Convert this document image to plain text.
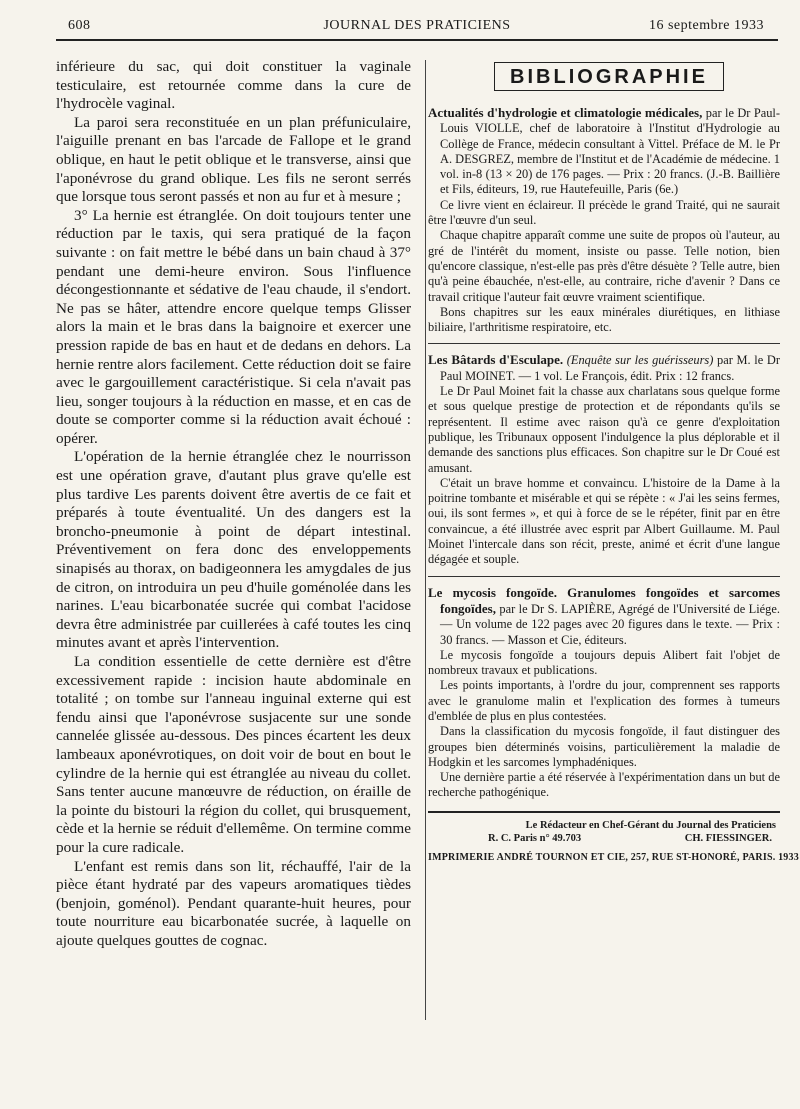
608	JOURNAL DES PRATICIENS	16 septembre 1933

inférieure du sac, qui doit constituer la vaginale testiculaire, est retournée comme dans la cure de l'hydrocèle vaginal.

La paroi sera reconstituée en un plan préfuniculaire, l'aiguille prenant en bas l'arcade de Fallope et le grand oblique, en haut le petit oblique et le transverse, ainsi que l'aponévrose du grand oblique. Les fils ne seront serrés que lorsque tous seront passés et non au fur et à mesure ;

3° La hernie est étranglée. On doit toujours tenter une réduction par le taxis, qui sera pratiqué de la façon suivante : on fait mettre le bébé dans un bain chaud à 37° pendant une demi-heure environ. Sous l'influence décongestionnante et sédative de l'eau chaude, il s'endort. Ne pas se hâter, attendre encore quelque temps Glisser alors la main et le bras dans la baignoire et exercer une pression rapide de bas en haut et de dedans en dehors. La hernie rentre alors facilement. Cette réduction doit se faire avec le gargouillement caractéristique. Si cela n'avait pas lieu, songer toujours à la réduction en masse, et en cas de doute se comporter comme si la réduction avait échoué : opérer.

L'opération de la hernie étranglée chez le nourrisson est une opération grave, d'autant plus grave qu'elle est plus tardive Les parents doivent être avertis de ce fait et préparés à toute éventualité. Un des dangers est la broncho-pneumonie à point de départ intestinal. Préventivement on fera donc des enveloppements sinapisés au thorax, on badigeonnera les amygdales de jus de citron, on introduira un peu d'huile goménolée dans les narines. L'eau bicarbonatée sucrée qui combat l'acidose devra être administrée par cuillerées à café toutes les cinq minutes avant et après l'intervention.

La condition essentielle de cette dernière est d'être excessivement rapide : incision haute abdominale en totalité ; on tombe sur l'anneau inguinal externe qui est fendu ainsi que l'aponévrose susjacente sur une sonde cannelée glissée au-dessous. Des pinces écartent les deux lambeaux aponévrotiques, on doit voir de bout en bout le cylindre de la hernie qui est étranglée au niveau du collet. Sans tenter aucune manœuvre de réduction, on éraille de la pointe du bistouri la région du collet, qui brusquement, cède et la hernie se réduit d'ellemême. On termine comme pour la cure radicale.

L'enfant est remis dans son lit, réchauffé, l'air de la pièce étant hydraté par des vapeurs aromatiques tièdes (benjoin, goménol). Pendant quarante-huit heures, pour toute nourriture eau bicarbonatée sucrée, à laquelle on ajoute quelques gouttes de cognac.

BIBLIOGRAPHIE

Actualités d'hydrologie et climatologie médicales, par le Dr Paul-Louis VIOLLE, chef de laboratoire à l'Institut d'Hydrologie au Collège de France, médecin consultant à Vittel. Préface de M. le Pr A. DESGREZ, membre de l'Institut et de l'Académie de médecine. 1 vol. in-8 (13 × 20) de 176 pages. — Prix : 20 francs. (J.-B. Baillière et Fils, éditeurs, 19, rue Hautefeuille, Paris (6e.)

Ce livre vient en éclaireur. Il précède le grand Traité, qui ne saurait être l'œuvre d'un seul.

Chaque chapitre apparaît comme une suite de propos où l'auteur, au gré de l'intérêt du moment, insiste ou passe. Telle notion, bien qu'encore classique, n'est-elle pas près d'être désuète ? Telle autre, bien qu'à peine ébauchée, n'est-elle, au contraire, riche d'avenir ? Dans ce travail critique l'auteur fait œuvre vraiment scientifique.

Bons chapitres sur les eaux minérales diurétiques, en lithiase biliaire, l'arthritisme respiratoire, etc.

Les Bâtards d'Esculape. (Enquête sur les guérisseurs) par M. le Dr Paul MOINET. — 1 vol. Le François, édit. Prix : 12 francs.

Le Dr Paul Moinet fait la chasse aux charlatans sous quelque forme et sous quelque prestige de protection et de répondants qu'ils se représentent. Il estime avec raison qu'à ce genre d'exploitation publique, les Tribunaux opposent l'indulgence la plus déplorable et il demande des sanctions plus efficaces. Son chapitre sur le Dr Coué est amusant.

C'était un brave homme et convaincu. L'histoire de la Dame à la poitrine tombante et misérable et qui se répète : « J'ai les seins fermes, oui, ils sont fermes », et qui à force de se le répéter, finit par en être convaincue, a été illustrée avec esprit par Albert Guillaume. M. Paul Moinet l'intercale dans son récit, preste, animé et écrit d'une langue dégagée et souple.

Le mycosis fongoïde. Granulomes fongoïdes et sarcomes fongoïdes, par le Dr S. LAPIÈRE, Agrégé de l'Université de Liége. — Un volume de 122 pages avec 20 figures dans le texte. — Prix : 30 francs. — Masson et Cie, éditeurs.

Le mycosis fongoïde a toujours depuis Alibert fait l'objet de nombreux travaux et publications.

Les points importants, à l'ordre du jour, comprennent ses rapports avec le granulome malin et l'explication des formes à tumeurs d'emblée de plus en plus contestées.

Dans la classification du mycosis fongoïde, il faut distinguer des groupes bien déterminés voisins, particulièrement la maladie de Hodgkin et les sarcomes lymphadéniques.

Une dernière partie a été réservée à l'expérimentation dans un but de recherche pathogénique.

Le Rédacteur en Chef-Gérant du Journal des Praticiens
R. C. Paris n° 49.703	CH. FIESSINGER.
IMPRIMERIE ANDRÉ TOURNON ET CIE, 257, RUE ST-HONORÉ, PARIS. 1933
